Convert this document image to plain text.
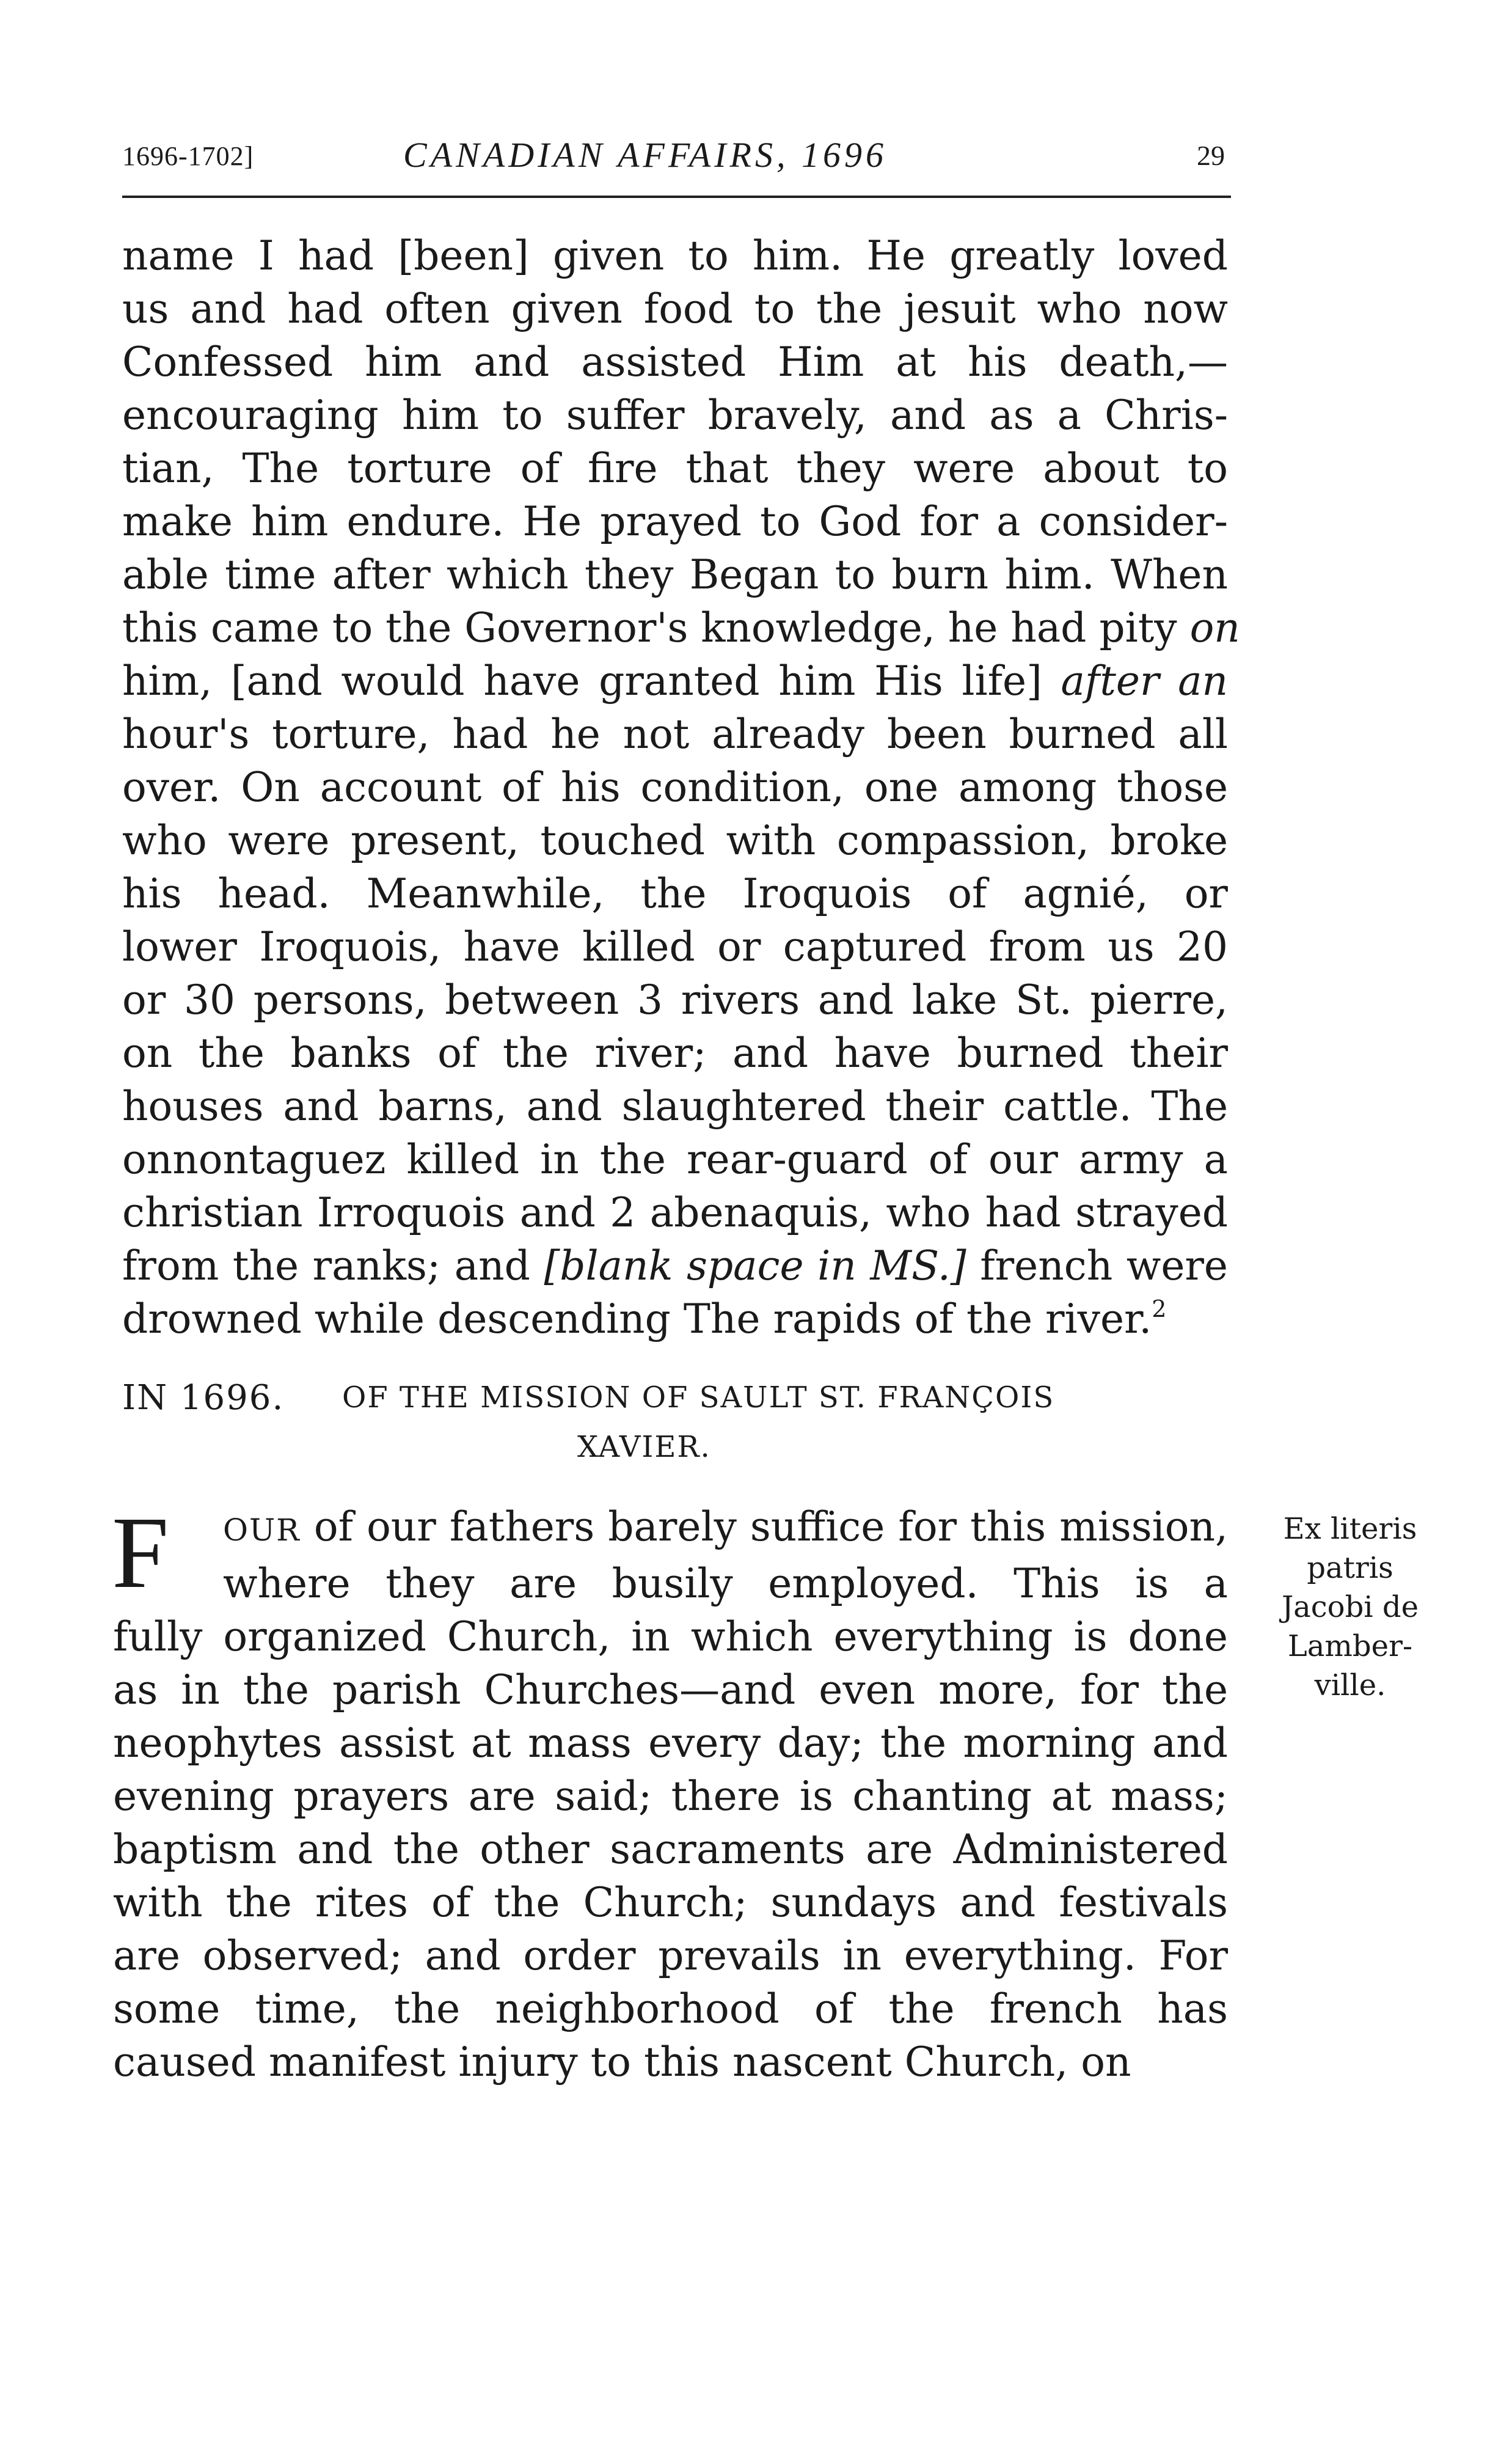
1696-1702]	CANADIAN AFFAIRS, 1696	29
name I had [been] given to him. He greatly loved
us and had often given food to the jesuit who now
Confessed him and assisted Him at his death,—
encouraging him to suffer bravely, and as a Chris-
tian, The torture of fire that they were about to
make him endure. He prayed to God for a consider-
able time after which they Began to burn him. When
this came to the Governor's knowledge, he had pity on
him, [and would have granted him His life] after an
hour's torture, had he not already been burned all
over. On account of his condition, one among those
who were present, touched with compassion, broke
his head. Meanwhile, the Iroquois of agnié, or
lower Iroquois, have killed or captured from us 20
or 30 persons, between 3 rivers and lake St. pierre,
on the banks of the river; and have burned their
houses and barns, and slaughtered their cattle. The
onnontaguez killed in the rear-guard of our army a
christian Irroquois and 2 abenaquis, who had strayed
from the ranks; and [blank space in MS.] french were
drowned while descending The rapids of the river.$^2$
IN 1696. OF THE MISSION OF SAULT ST. FRANÇOIS
XAVIER.
F	OUR of our fathers barely suffice for this mission,
where they are busily employed. This is a
fully organized Church, in which everything is done
as in the parish Churches—and even more, for the
neophytes assist at mass every day; the morning and
evening prayers are said; there is chanting at mass;
baptism and the other sacraments are Administered
with the rites of the Church; sundays and festivals
are observed; and order prevails in everything. For
some time, the neighborhood of the french has
caused manifest injury to this nascent Church, on
Ex literis
patris
Jacobi de
Lamber-
ville.
